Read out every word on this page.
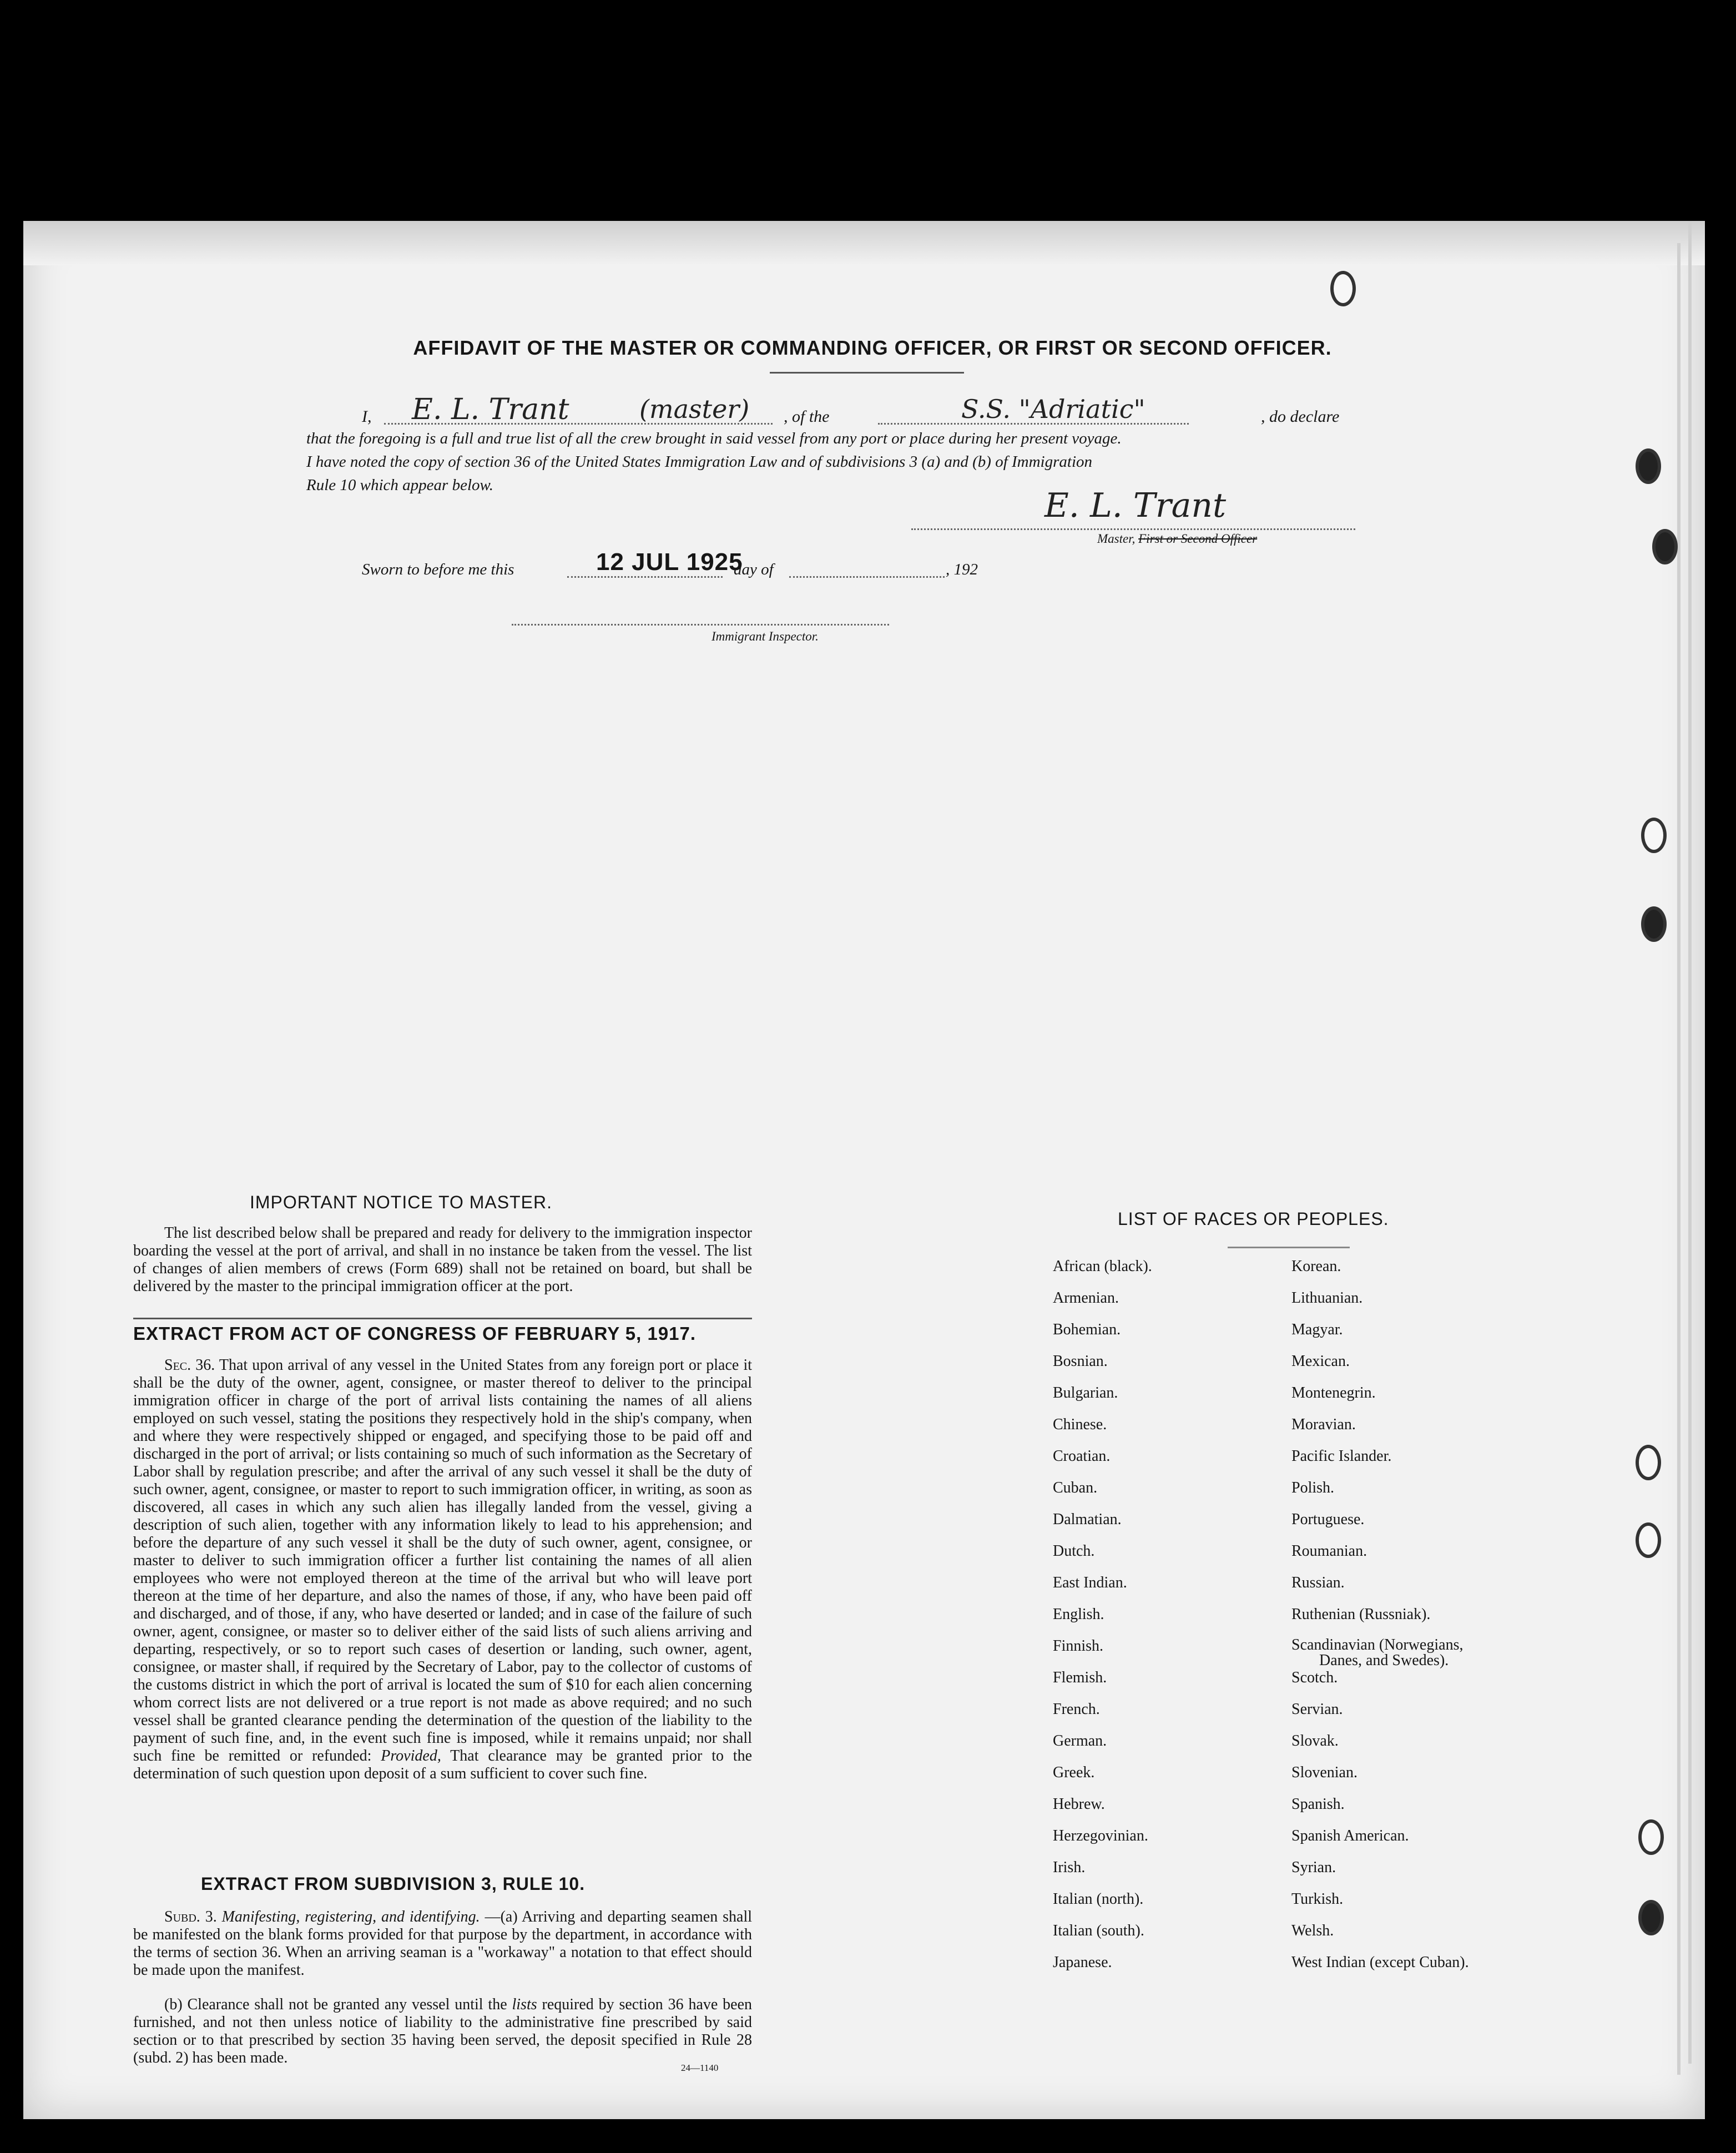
AFFIDAVIT OF THE MASTER OR COMMANDING OFFICER, OR FIRST OR SECOND OFFICER.
I, E. L. Trant	(master) , of the	S.S. "Adriatic"	, do declare
that the foregoing is a full and true list of all the crew brought in said vessel from any port or place during her present voyage.
I have noted the copy of section 36 of the United States Immigration Law and of subdivisions 3 (a) and (b) of Immigration
Rule 10 which appear below.
E. L. Trant
Master, First or Second Officer
Sworn to before me this	12 JUL 1925
day of	, 192
Immigrant Inspector.
IMPORTANT NOTICE TO MASTER.
The list described below shall be prepared and ready for delivery to the immigration inspector boarding the vessel at the port of arrival, and shall in no instance be taken from the vessel. The list of changes of alien members of crews (Form 689) shall not be retained on board, but shall be delivered by the master to the principal immigration officer at the port.
EXTRACT FROM ACT OF CONGRESS OF FEBRUARY 5, 1917.
Sec. 36. That upon arrival of any vessel in the United States from any foreign port or place it shall be the duty of the owner, agent, consignee, or master thereof to deliver to the principal immigration officer in charge of the port of arrival lists containing the names of all aliens employed on such vessel, stating the positions they respectively hold in the ship's company, when and where they were respectively shipped or engaged, and specifying those to be paid off and discharged in the port of arrival; or lists containing so much of such information as the Secretary of Labor shall by regulation prescribe; and after the arrival of any such vessel it shall be the duty of such owner, agent, consignee, or master to report to such immigration officer, in writing, as soon as discovered, all cases in which any such alien has illegally landed from the vessel, giving a description of such alien, together with any information likely to lead to his apprehension; and before the departure of any such vessel it shall be the duty of such owner, agent, consignee, or master to deliver to such immigration officer a further list containing the names of all alien employees who were not employed thereon at the time of the arrival but who will leave port thereon at the time of her departure, and also the names of those, if any, who have been paid off and discharged, and of those, if any, who have deserted or landed; and in case of the failure of such owner, agent, consignee, or master so to deliver either of the said lists of such aliens arriving and departing, respectively, or so to report such cases of desertion or landing, such owner, agent, consignee, or master shall, if required by the Secretary of Labor, pay to the collector of customs of the customs district in which the port of arrival is located the sum of $10 for each alien concerning whom correct lists are not delivered or a true report is not made as above required; and no such vessel shall be granted clearance pending the determination of the question of the liability to the payment of such fine, and, in the event such fine is imposed, while it remains unpaid; nor shall such fine be remitted or refunded: Provided, That clearance may be granted prior to the determination of such question upon deposit of a sum sufficient to cover such fine.
EXTRACT FROM SUBDIVISION 3, RULE 10.
Subd. 3. Manifesting, registering, and identifying. —(a) Arriving and departing seamen shall be manifested on the blank forms provided for that purpose by the department, in accordance with the terms of section 36. When an arriving seaman is a "workaway" a notation to that effect should be made upon the manifest.
(b) Clearance shall not be granted any vessel until the lists required by section 36 have been furnished, and not then unless notice of liability to the administrative fine prescribed by said section or to that prescribed by section 35 having been served, the deposit specified in Rule 28 (subd. 2) has been made.
24—1140
LIST OF RACES OR PEOPLES.
African (black).
Armenian.
Bohemian.
Bosnian.
Bulgarian.
Chinese.
Croatian.
Cuban.
Dalmatian.
Dutch.
East Indian.
English.
Finnish.
Flemish.
French.
German.
Greek.
Hebrew.
Herzegovinian.
Irish.
Italian (north).
Italian (south).
Japanese.
Korean.
Lithuanian.
Magyar.
Mexican.
Montenegrin.
Moravian.
Pacific Islander.
Polish.
Portuguese.
Roumanian.
Russian.
Ruthenian (Russniak).
Scandinavian (Norwegians,
Danes, and Swedes).
Scotch.
Servian.
Slovak.
Slovenian.
Spanish.
Spanish American.
Syrian.
Turkish.
Welsh.
West Indian (except Cuban).
